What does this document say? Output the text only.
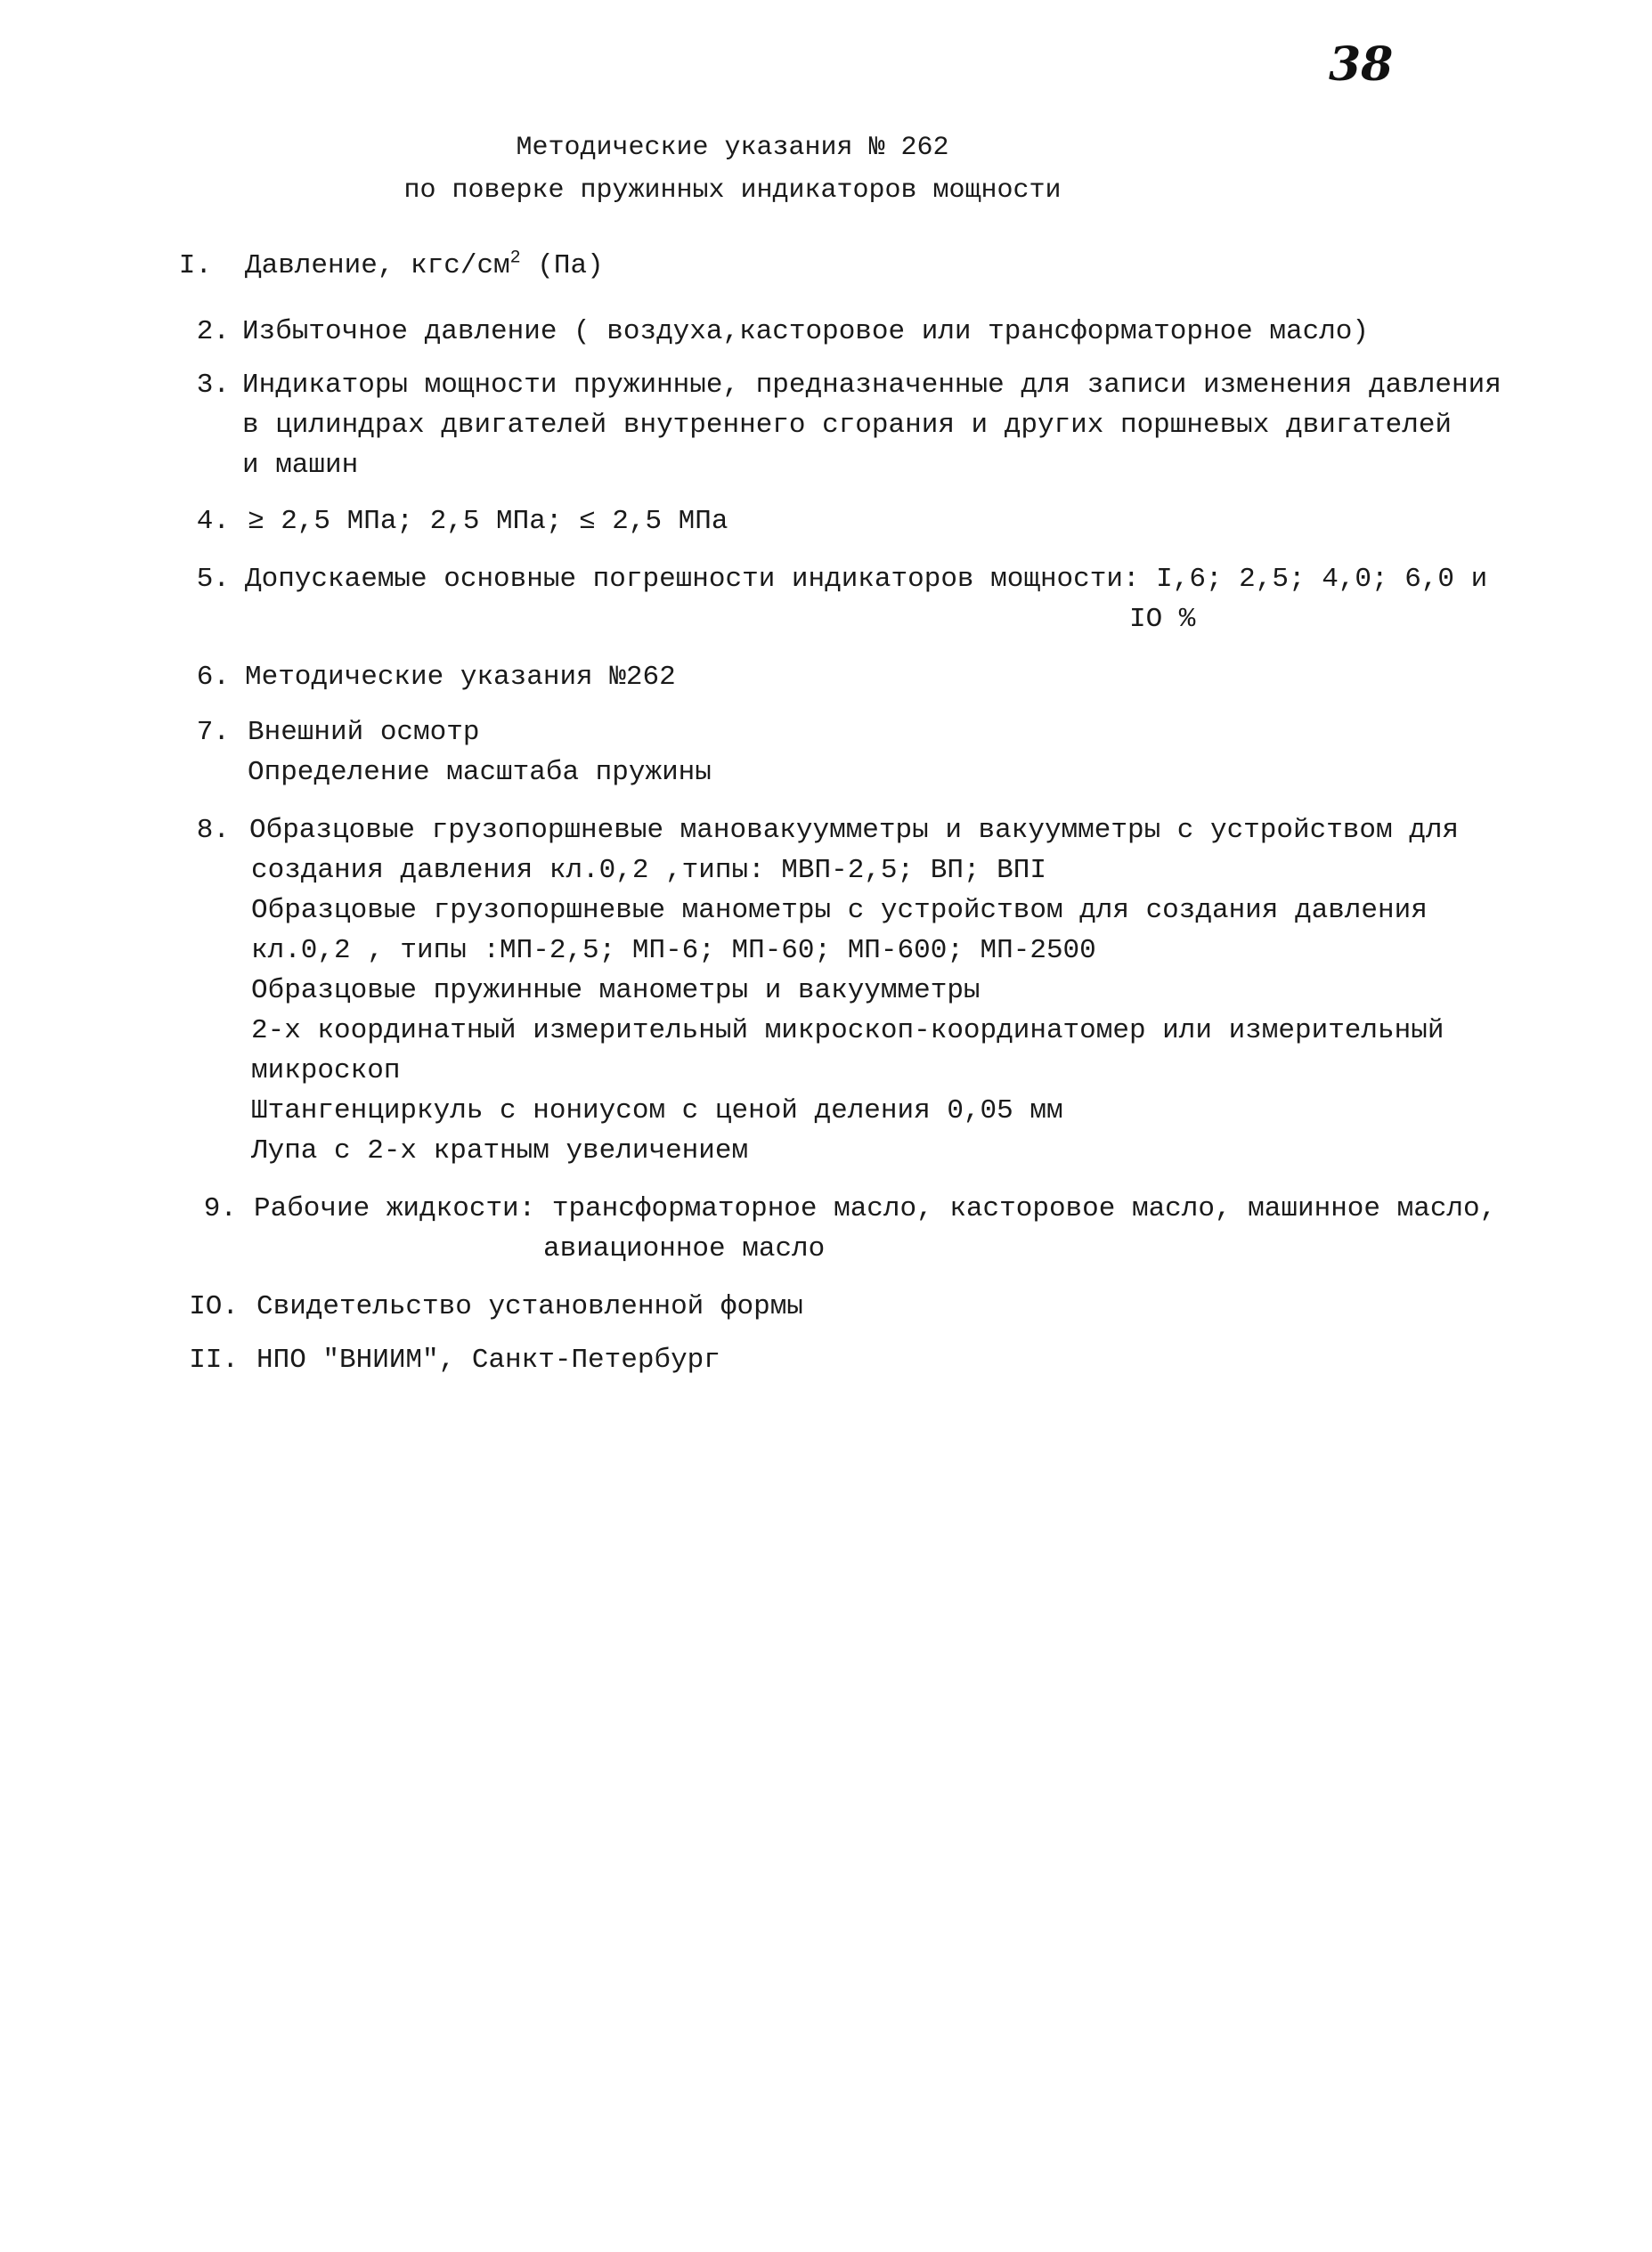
38
Методические указания № 262
по поверке пружинных индикаторов мощности
I. Давление, кгс/$см^2$ (Па)
2. Избыточное давление ( воздуха,касторовое или трансформаторное масло)
3. Индикаторы мощности пружинные, предназначенные для записи изменения давления
в цилиндрах двигателей внутреннего сгорания и других поршневых двигателей
и машин
4. ≥ 2,5 МПа; 2,5 МПа; ≤ 2,5 МПа
5. Допускаемые основные погрешности индикаторов мощности: I,6; 2,5; 4,0; 6,0 и
IO %
6. Методические указания №262
7. Внешний осмотр
Определение масштаба пружины
8. Образцовые грузопоршневые мановакуумметры и вакуумметры с устройством для
создания давления кл.0,2 ,типы: МВП-2,5; ВП; ВПI
Образцовые грузопоршневые манометры с устройством для создания давления
кл.0,2 , типы :МП-2,5; МП-6; МП-60; МП-600; МП-2500
Образцовые пружинные манометры и вакуумметры
2-х координатный измерительный микроскоп-координатомер или измерительный
микроскоп
Штангенциркуль с нониусом с ценой деления 0,05 мм
Лупа с 2-х кратным увеличением
9. Рабочие жидкости: трансформаторное масло, касторовое масло, машинное масло,
авиационное масло
IO. Свидетельство установленной формы
II. НПО "ВНИИМ", Санкт-Петербург
